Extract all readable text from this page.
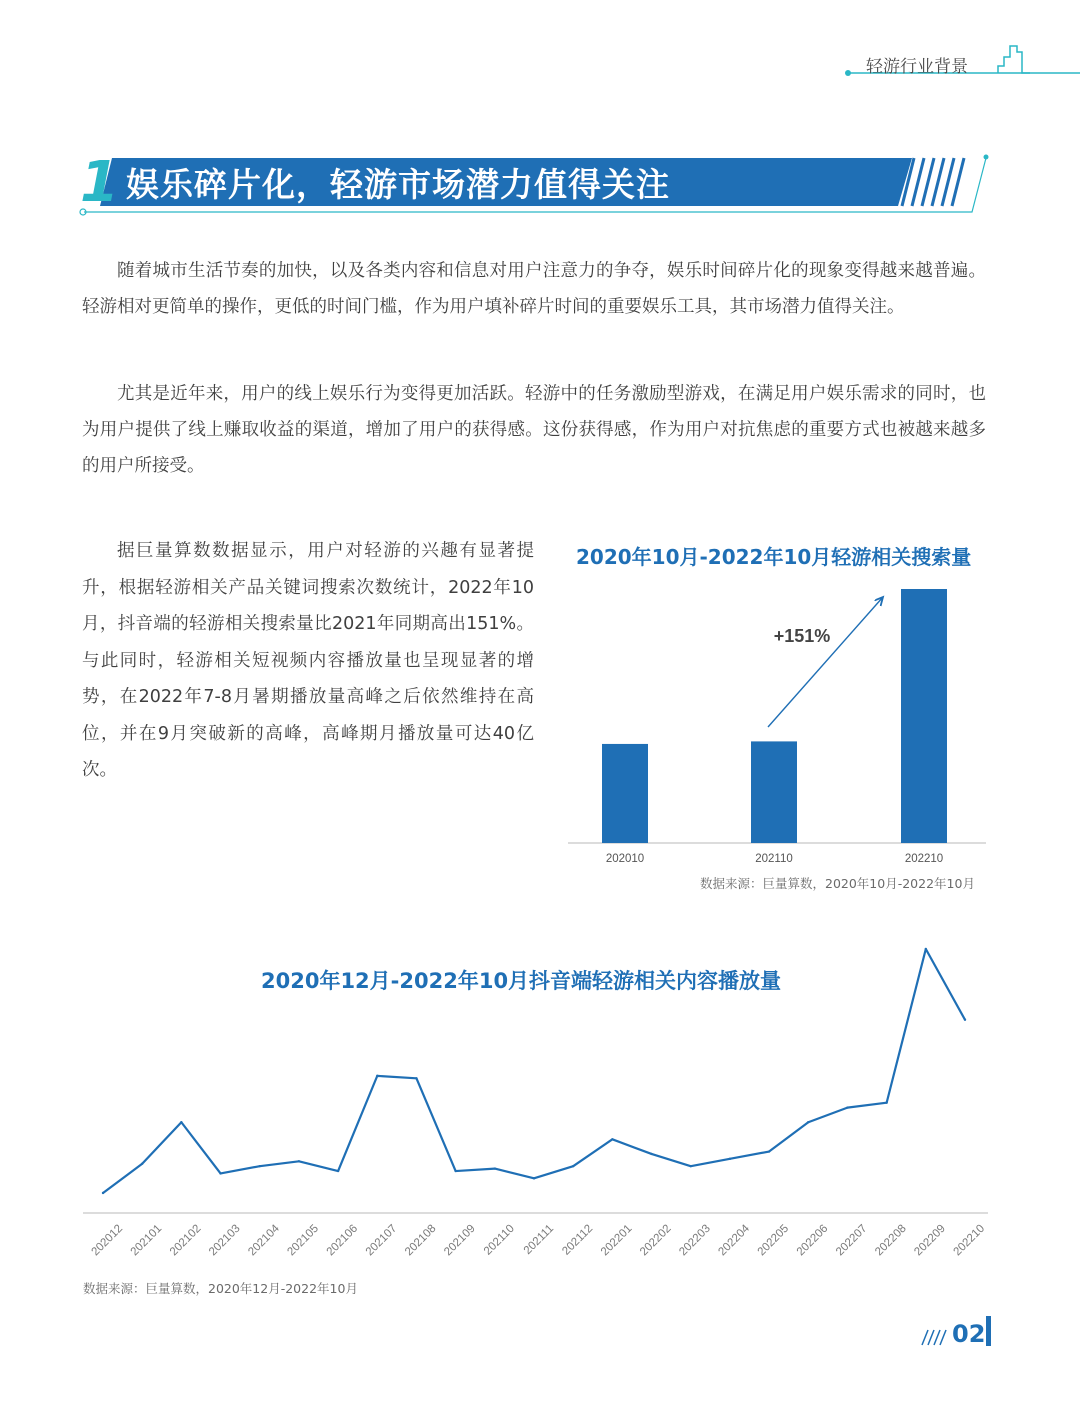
轻游行业背景
1 娱乐碎片化，轻游市场潜力值得关注

随着城市生活节奏的加快，以及各类内容和信息对用户注意力的争夺，娱乐时间碎片化的现象变得越来越普遍。轻游相对更简单的操作，更低的时间门槛，作为用户填补碎片时间的重要娱乐工具，其市场潜力值得关注。

尤其是近年来，用户的线上娱乐行为变得更加活跃。轻游中的任务激励型游戏，在满足用户娱乐需求的同时，也为用户提供了线上赚取收益的渠道，增加了用户的获得感。这份获得感，作为用户对抗焦虑的重要方式也被越来越多的用户所接受。

据巨量算数数据显示，用户对轻游的兴趣有显著提升，根据轻游相关产品关键词搜索次数统计，2022年10月，抖音端的轻游相关搜索量比2021年同期高出151%。与此同时，轻游相关短视频内容播放量也呈现显著的增势，在2022年7-8月暑期播放量高峰之后依然维持在高位，并在9月突破新的高峰，高峰期月播放量可达40亿次。

2020年10月-2022年10月轻游相关搜索量
202010	202110	202210
+151%
数据来源：巨量算数，2020年10月-2022年10月
2020年12月-2022年10月抖音端轻游相关内容播放量
202012 202101 202102 202103 202104 202105 202106 202107 202108 202109 202110 202111 202112 202201 202202 202203 202204 202205 202206 202207 202208 202209 202210
数据来源：巨量算数，2020年12月-2022年10月
02
